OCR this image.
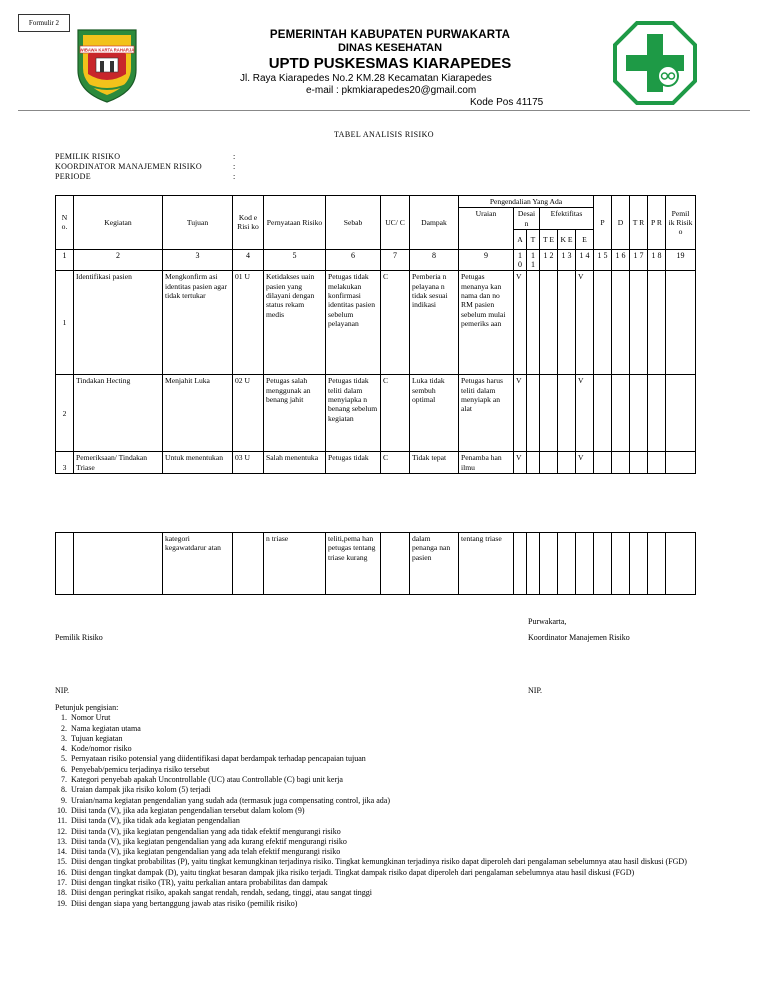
Formulir 2
WIBAWA KARTA RAHARJA
PEMERINTAH KABUPATEN PURWAKARTA
DINAS KESEHATAN
UPTD PUSKESMAS KIARAPEDES
Jl. Raya Kiarapedes No.2 KM.28 Kecamatan Kiarapedes
e-mail : pkmkiarapedes20@gmail.com
Kode Pos 41175
TABEL ANALISIS RISIKO
PEMILIK RISIKO	:
KOORDINATOR MANAJEMEN RISIKO	:
PERIODE	:
N o.	Kegiatan	Tujuan	Kod e Risi ko	Pernyataan Risiko	Sebab	UC/ C	Dampak	Pengendalian Yang Ada						P	D	T R	P R	Pemil ik Risik o
								Uraian	Desai n		Efektifitas							
									A	T	T E	K E	E					
1	2	3	4	5	6	7	8	9	1 0	1 1	1 2	1 3	1 4	1 5	1 6	1 7	1 8	19
1	Identifikasi pasien	Mengkonfirm asi identitas pasien agar tidak tertukar	01 U	Ketidakses uain pasien yang dilayani dengan status rekam medis	Petugas tidak melakukan konfirmasi identitas pasien sebelum pelayanan	C	Pemberia n pelayana n tidak sesuai indikasi	Petugas menanya kan nama dan no RM pasien sebelum mulai pemeriks aan	V				V					
2	Tindakan Hecting	Menjahit Luka	02 U	Petugas salah menggunak an benang jahit	Petugas tidak teliti dalam menyiapka n benang sebelum kegiatan	C	Luka tidak sembuh optimal	Petugas harus teliti dalam menyiapk an alat	V				V					
3	Pemeriksaan/ Tindakan Triase	Untuk menentukan	03 U	Salah menentuka	Petugas tidak	C	Tidak tepat	Penamba han ilmu	V				V					
		kategori kegawatdarur atan		n triase	teliti,pema han petugas tentang triase kurang		dalam penanga nan pasien	tentang triase										
Purwakarta,
Pemilik Risiko	Koordinator Manajemen Risiko
NIP.	NIP.
Petunjuk pengisian:
1. Nomor Urut
2. Nama kegiatan utama
3. Tujuan kegiatan
4. Kode/nomor risiko
5. Pernyataan risiko potensial yang diidentifikasi dapat berdampak terhadap pencapaian tujuan
6. Penyebab/pemicu terjadinya risiko tersebut
7. Kategori penyebab apakah Uncontrollable (UC) atau Controllable (C) bagi unit kerja
8. Uraian dampak jika risiko kolom (5) terjadi
9. Uraian/nama kegiatan pengendalian yang sudah ada (termasuk juga compensating control, jika ada)
10. Diisi tanda (V), jika ada kegiatan pengendalian tersebut dalam kolom (9)
11. Diisi tanda (V), jika tidak ada kegiatan pengendalian
12. Diisi tanda (V), jika kegiatan pengendalian yang ada tidak efektif mengurangi risiko
13. Diisi tanda (V), jika kegiatan pengendalian yang ada kurang efektif mengurangi risiko
14. Diisi tanda (V), jika kegiatan pengendalian yang ada telah efektif mengurangi risiko
15. Diisi dengan tingkat probabilitas (P), yaitu tingkat kemungkinan terjadinya risiko. Tingkat kemungkinan terjadinya risiko dapat diperoleh dari pengalaman sebelumnya atau hasil diskusi (FGD)
16. Diisi dengan tingkat dampak (D), yaitu tingkat besaran dampak jika risiko terjadi. Tingkat dampak risiko dapat diperoleh dari pengalaman sebelumnya atau hasil diskusi (FGD)
17. Diisi dengan tingkat risiko (TR), yaitu perkalian antara probabilitas dan dampak
18. Diisi dengan peringkat risiko, apakah sangat rendah, rendah, sedang, tinggi, atau sangat tinggi
19. Diisi dengan siapa yang bertanggung jawab atas risiko (pemilik risiko)
